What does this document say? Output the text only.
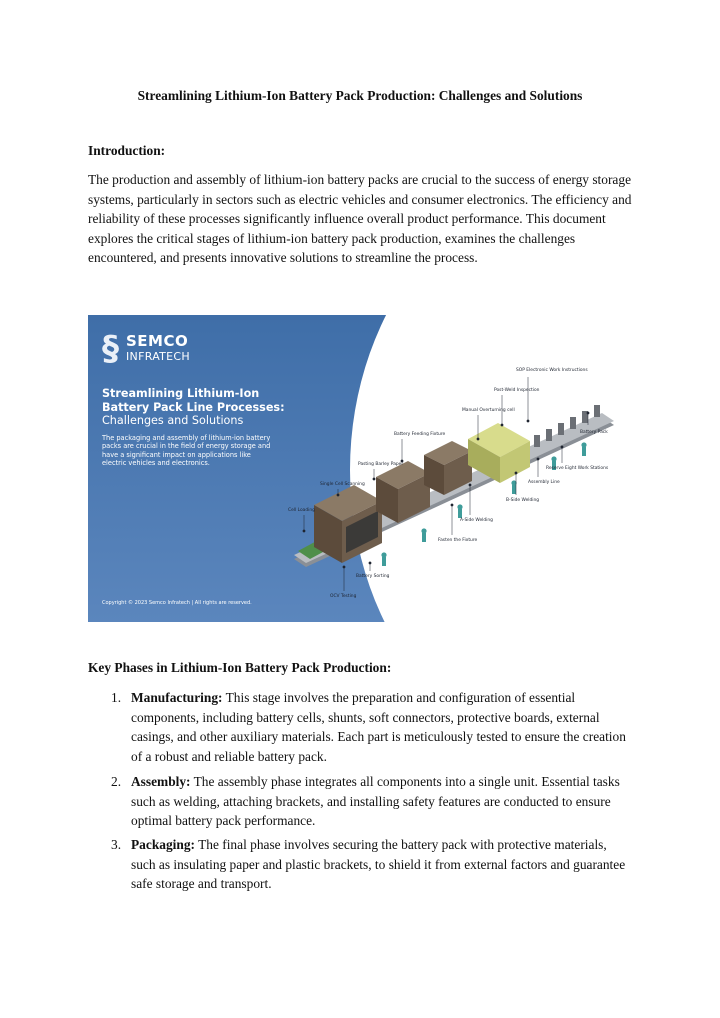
Streamlining Lithium-Ion Battery Pack Production: Challenges and Solutions
Introduction:

The production and assembly of lithium-ion battery packs are crucial to the success of energy storage systems, particularly in sectors such as electric vehicles and consumer electronics. The efficiency and reliability of these processes significantly influence overall product performance. This document explores the critical stages of lithium-ion battery pack production, examines the challenges encountered, and presents innovative solutions to streamline the process.

§ SEMCO
INFRATECH
Streamlining Lithium-Ion Battery Pack Line Processes: Challenges and Solutions
The packaging and assembly of lithium-ion battery packs are crucial in the field of energy storage and have a significant impact on applications like electric vehicles and electronics.
Copyright © 2023 Semco Infratech | All rights are reserved.
SOP Electronic Work Instructions
Post-Weld Inspection
Manual Overturning cell
Battery Pack
Battery Feeding Fixture
Pasting Barley Paper
Reserve Eight Work Stations
Single Cell Scanning	Assembly Line
B-Side Welding
Cell Loading
A-Side Welding
Fasten the Fixture
Battery Sorting
OCV Testing
Key Phases in Lithium-Ion Battery Pack Production:

1. Manufacturing: This stage involves the preparation and configuration of essential components, including battery cells, shunts, soft connectors, protective boards, external casings, and other auxiliary materials. Each part is meticulously tested to ensure the creation of a robust and reliable battery pack.

2. Assembly: The assembly phase integrates all components into a single unit. Essential tasks such as welding, attaching brackets, and installing safety features are conducted to ensure optimal battery pack performance.

3. Packaging: The final phase involves securing the battery pack with protective materials, such as insulating paper and plastic brackets, to shield it from external factors and guarantee safe storage and transport.
